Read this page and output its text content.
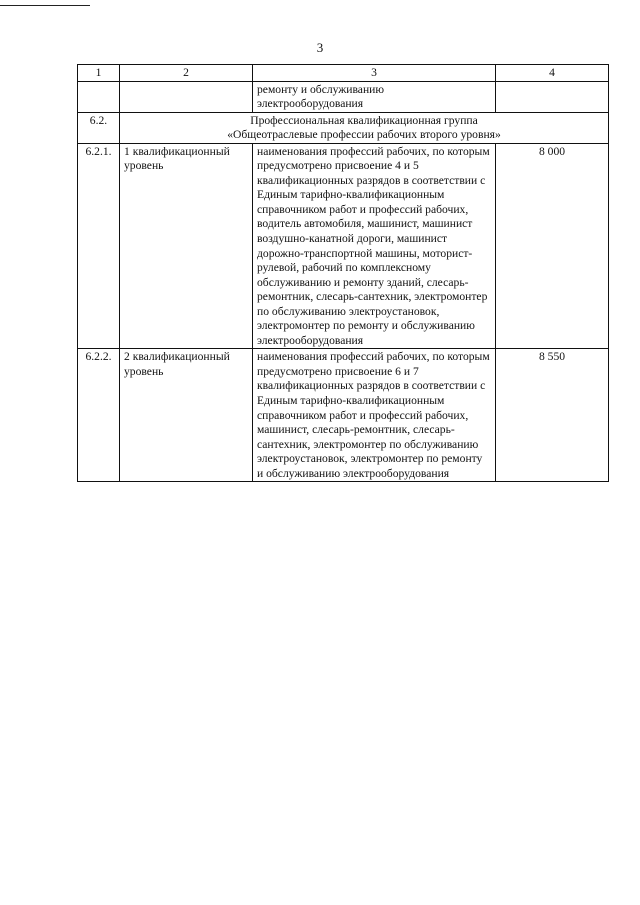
3
1	2	3	4
		ремонту и обслуживанию электрооборудования	
6.2.	Профессиональная квалификационная группа
«Общеотраслевые профессии рабочих второго уровня»		

6.2.1.	1 квалификационный уровень	наименования профессий рабочих, по которым предусмотрено присвоение 4 и 5 квалификационных разрядов в соответствии с Единым тарифно-квалификационным справочником работ и профессий рабочих, водитель автомобиля, машинист, машинист воздушно-канатной дороги, машинист дорожно-транспортной машины, моторист-рулевой, рабочий по комплексному обслуживанию и ремонту зданий, слесарь-ремонтник, слесарь-сантехник, электромонтер по обслуживанию электроустановок, электромонтер по ремонту и обслуживанию электрооборудования	8 000
6.2.2.	2 квалификационный уровень	наименования профессий рабочих, по которым предусмотрено присвоение 6 и 7 квалификационных разрядов в соответствии с Единым тарифно-квалификационным справочником работ и профессий рабочих, машинист, слесарь-ремонтник, слесарь-сантехник, электромонтер по обслуживанию электроустановок, электромонтер по ремонту и обслуживанию электрооборудования	8 550
